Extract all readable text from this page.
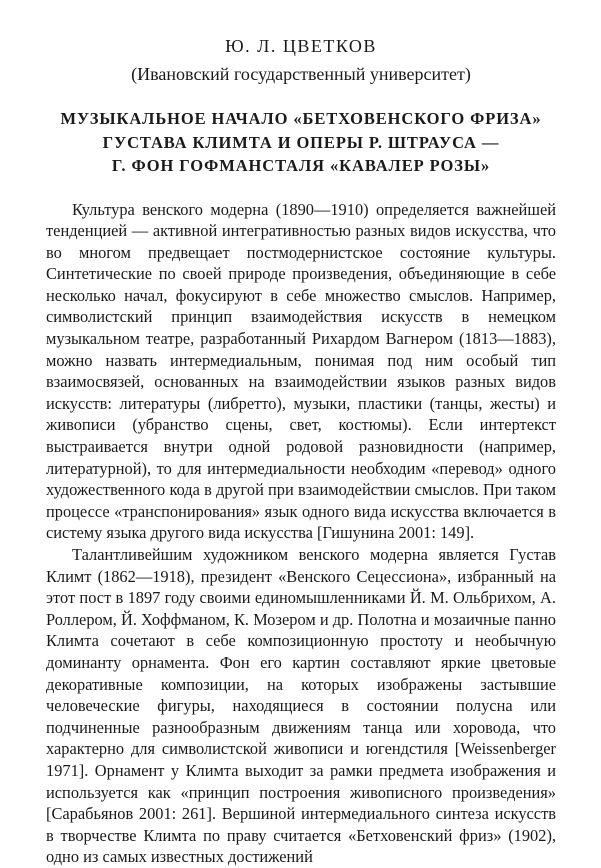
Ю. Л. ЦВЕТКОВ

(Ивановский государственный университет)

МУЗЫКАЛЬНОЕ НАЧАЛО «БЕТХОВЕНСКОГО ФРИЗА»
ГУСТАВА КЛИМТА И ОПЕРЫ Р. ШТРАУСА —
Г. ФОН ГОФМАНСТАЛЯ «КАВАЛЕР РОЗЫ»

Культура венского модерна (1890—1910) определяется важнейшей тенденцией — активной интегративностью разных видов искусства, что во многом предвещает постмодернистское состояние культуры. Синтетические по своей природе произведения, объединяющие в себе несколько начал, фокусируют в себе множество смыслов. Например, символистский принцип взаимодействия искусств в немецком музыкальном театре, разработанный Рихардом Вагнером (1813—1883), можно назвать интермедиальным, понимая под ним особый тип взаимосвязей, основанных на взаимодействии языков разных видов искусств: литературы (либретто), музыки, пластики (танцы, жесты) и живописи (убранство сцены, свет, костюмы). Если интертекст выстраивается внутри одной родовой разновидности (например, литературной), то для интермедиальности необходим «перевод» одного художественного кода в другой при взаимодействии смыслов. При таком процессе «транспонирования» язык одного вида искусства включается в систему языка другого вида искусства [Гишунина 2001: 149].

Талантливейшим художником венского модерна является Густав Климт (1862—1918), президент «Венского Сецессиона», избранный на этот пост в 1897 году своими единомышленниками Й. М. Ольбрихом, А. Роллером, Й. Хоффманом, К. Мозером и др. Полотна и мозаичные панно Климта сочетают в себе композиционную простоту и необычную доминанту орнамента. Фон его картин составляют яркие цветовые декоративные композиции, на которых изображены застывшие человеческие фигуры, находящиеся в состоянии полусна или подчиненные разнообразным движениям танца или хоровода, что характерно для символистской живописи и югендстиля [Weissenberger 1971]. Орнамент у Климта выходит за рамки предмета изображения и используется как «принцип построения живописного произведения» [Сарабьянов 2001: 261]. Вершиной интермедиального синтеза искусств в творчестве Климта по праву считается «Бетховенский фриз» (1902), одно из самых известных достижений
